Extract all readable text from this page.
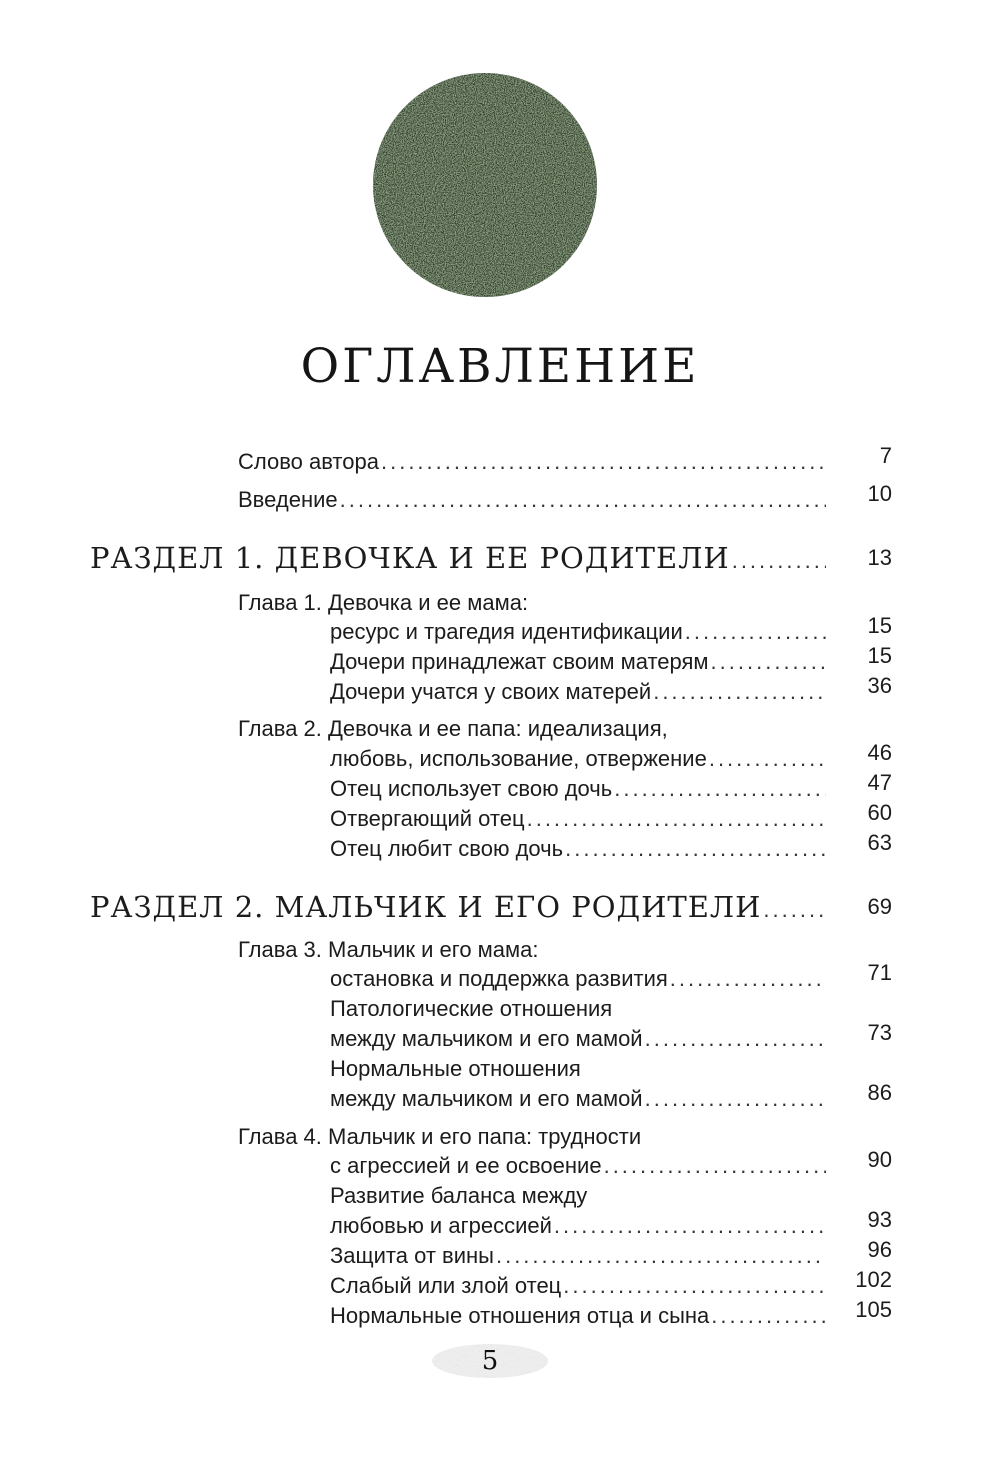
ОГЛАВЛЕНИЕ
Слово автора .....	7
Введение .....	10
РАЗДЕЛ 1. ДЕВОЧКА И ЕЕ РОДИТЕЛИ .....	13
Глава 1. Девочка и ее мама:
ресурс и трагедия идентификации .....	15
Дочери принадлежат своим матерям .....	15
Дочери учатся у своих матерей .....	36
Глава 2. Девочка и ее папа: идеализация,
любовь, использование, отвержение .....	46
Отец использует свою дочь .....	47
Отвергающий отец .....	60
Отец любит свою дочь .....	63
РАЗДЕЛ 2. МАЛЬЧИК И ЕГО РОДИТЕЛИ .....	69
Глава 3. Мальчик и его мама:
остановка и поддержка развития .....	71
Патологические отношения
между мальчиком и его мамой .....	73
Нормальные отношения
между мальчиком и его мамой .....	86
Глава 4. Мальчик и его папа: трудности
с агрессией и ее освоение .....	90
Развитие баланса между
любовью и агрессией .....	93
Защита от вины .....	96
Слабый или злой отец .....	102
Нормальные отношения отца и сына .....	105
5
